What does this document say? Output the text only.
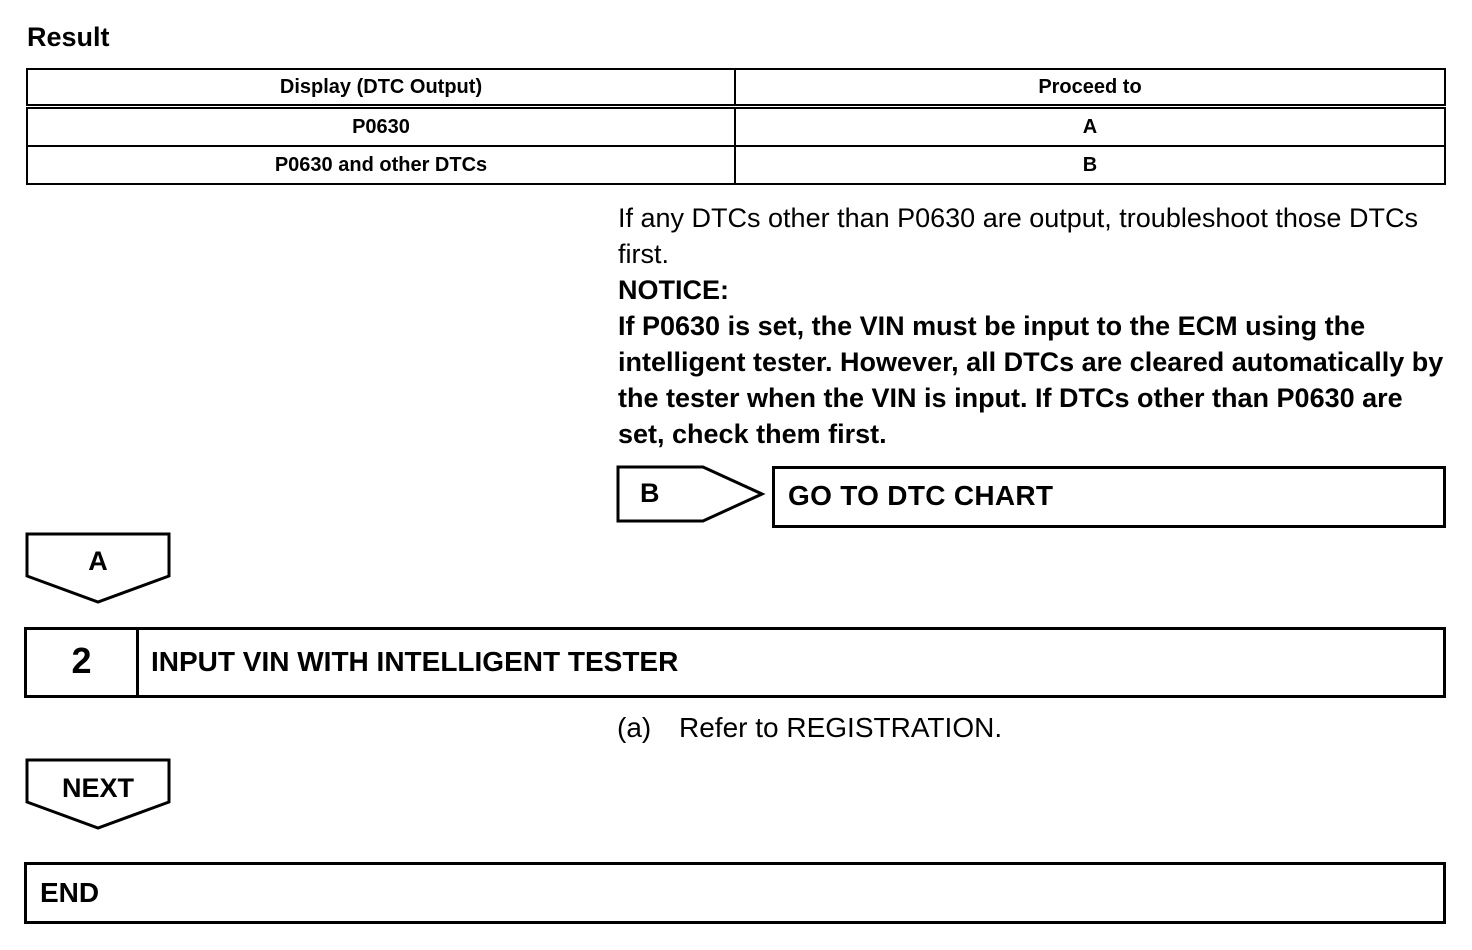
Result
Display (DTC Output)	Proceed to
P0630	A
P0630 and other DTCs	B

If any DTCs other than P0630 are output, troubleshoot those DTCs first.

NOTICE:

If P0630 is set, the VIN must be input to the ECM using the intelligent tester. However, all DTCs are cleared automatically by the tester when the VIN is input. If DTCs other than P0630 are set, check them first.

B	GO TO DTC CHART
A
2	INPUT VIN WITH INTELLIGENT TESTER
(a) Refer to REGISTRATION.
NEXT
END
